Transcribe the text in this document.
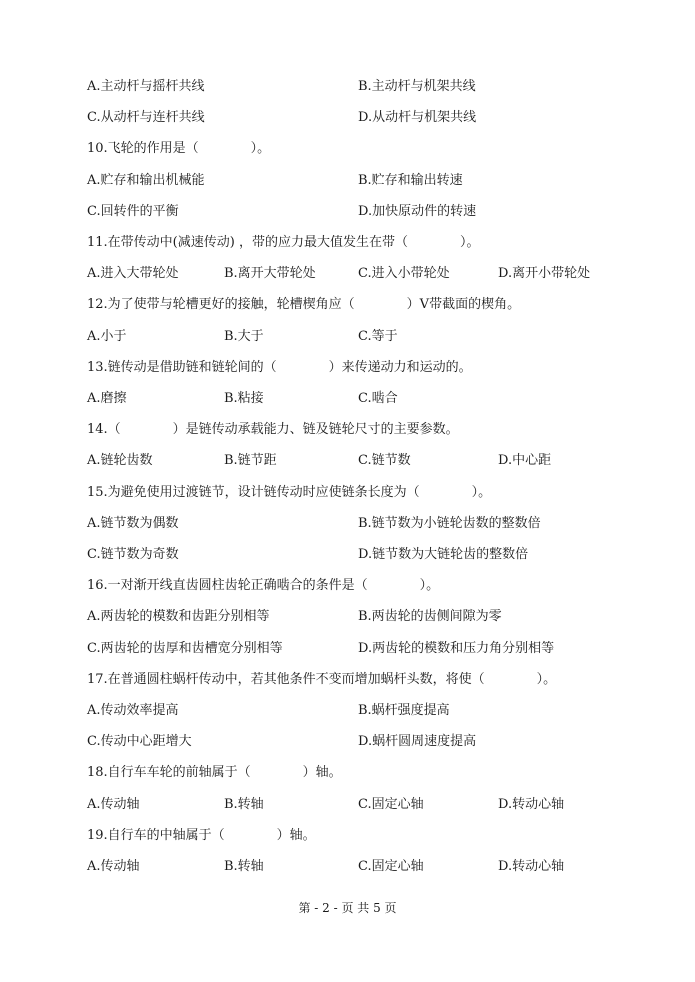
A.主动杆与摇杆共线	B.主动杆与机架共线
C.从动杆与连杆共线	D.从动杆与机架共线
10.飞轮的作用是（　　　　）。
A.贮存和输出机械能	B.贮存和输出转速
C.回转件的平衡	D.加快原动件的转速
11.在带传动中(减速传动) ，带的应力最大值发生在带（　　　　）。
A.进入大带轮处	B.离开大带轮处	C.进入小带轮处	D.离开小带轮处
12.为了使带与轮槽更好的接触，轮槽楔角应（　　　　）V带截面的楔角。
A.小于	B.大于	C.等于
13.链传动是借助链和链轮间的（　　　　）来传递动力和运动的。
A.磨擦	B.粘接	C.啮合
14.（　　　　）是链传动承载能力、链及链轮尺寸的主要参数。
A.链轮齿数	B.链节距	C.链节数	D.中心距
15.为避免使用过渡链节，设计链传动时应使链条长度为（　　　　）。
A.链节数为偶数	B.链节数为小链轮齿数的整数倍
C.链节数为奇数	D.链节数为大链轮齿的整数倍
16.一对渐开线直齿圆柱齿轮正确啮合的条件是（　　　　）。
A.两齿轮的模数和齿距分别相等	B.两齿轮的齿侧间隙为零
C.两齿轮的齿厚和齿槽宽分别相等	D.两齿轮的模数和压力角分别相等
17.在普通圆柱蜗杆传动中，若其他条件不变而增加蜗杆头数，将使（　　　　）。
A.传动效率提高	B.蜗杆强度提高
C.传动中心距增大	D.蜗杆圆周速度提高
18.自行车车轮的前轴属于（　　　　）轴。
A.传动轴	B.转轴	C.固定心轴	D.转动心轴
19.自行车的中轴属于（　　　　）轴。
A.传动轴	B.转轴	C.固定心轴	D.转动心轴
第 - 2 - 页 共 5 页
